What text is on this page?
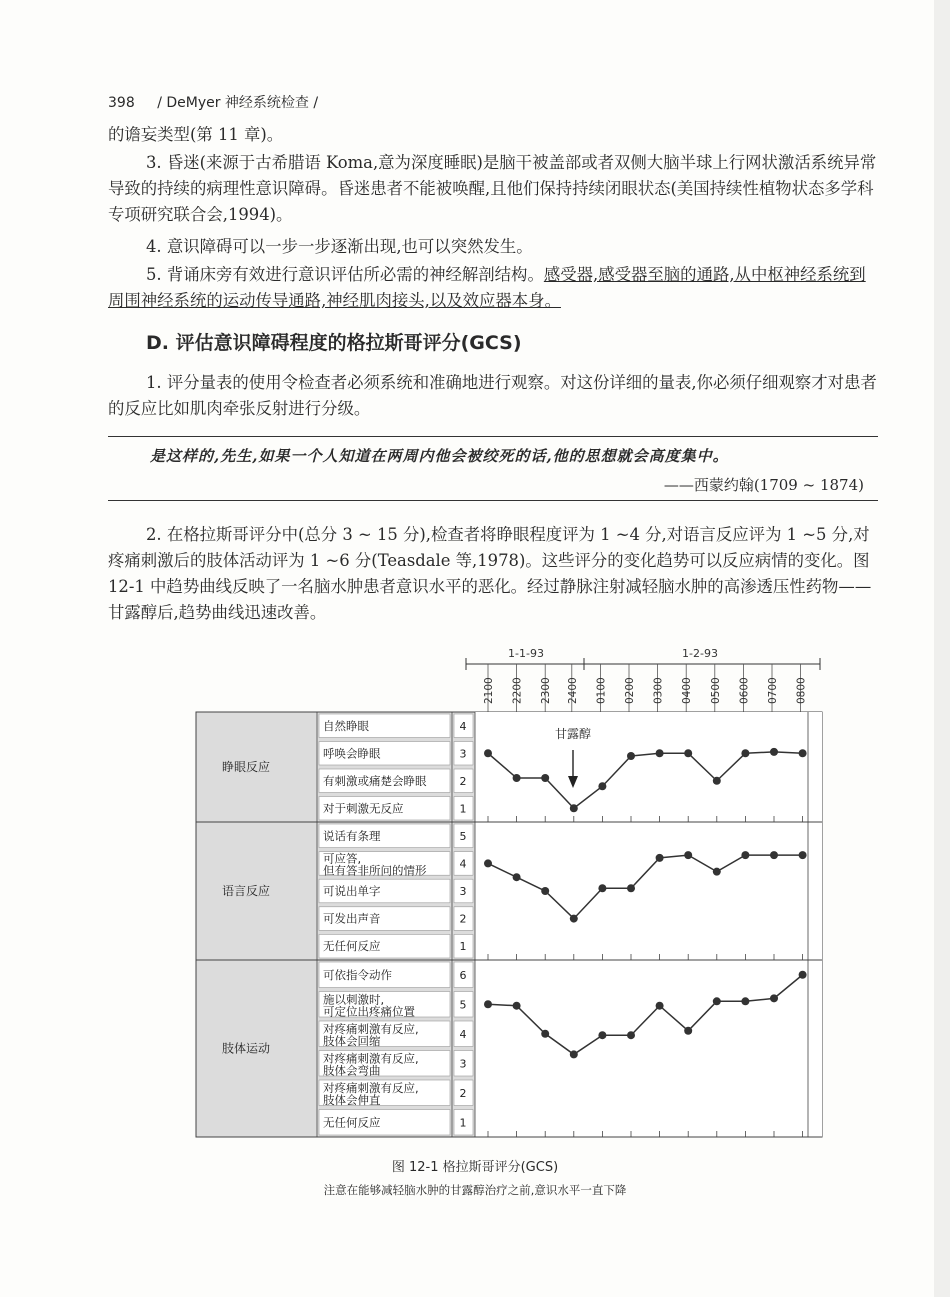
398 / DeMyer 神经系统检查 /

的谵妄类型(第 11 章)。

3. 昏迷(来源于古希腊语 Koma,意为深度睡眠)是脑干被盖部或者双侧大脑半球上行网状激活系统异常导致的持续的病理性意识障碍。昏迷患者不能被唤醒,且他们保持持续闭眼状态(美国持续性植物状态多学科专项研究联合会,1994)。

4. 意识障碍可以一步一步逐渐出现,也可以突然发生。

5. 背诵床旁有效进行意识评估所必需的神经解剖结构。感受器,感受器至脑的通路,从中枢神经系统到周围神经系统的运动传导通路,神经肌肉接头,以及效应器本身。

D. 评估意识障碍程度的格拉斯哥评分(GCS)

1. 评分量表的使用令检查者必须系统和准确地进行观察。对这份详细的量表,你必须仔细观察才对患者的反应比如肌肉牵张反射进行分级。

是这样的,先生,如果一个人知道在两周内他会被绞死的话,他的思想就会高度集中。
——西蒙约翰(1709 ~ 1874)

2. 在格拉斯哥评分中(总分 3 ~ 15 分),检查者将睁眼程度评为 1 ~4 分,对语言反应评为 1 ~5 分,对疼痛刺激后的肢体活动评为 1 ~6 分(Teasdale 等,1978)。这些评分的变化趋势可以反应病情的变化。图 12-1 中趋势曲线反映了一名脑水肿患者意识水平的恶化。经过静脉注射减轻脑水肿的高渗透压性药物——甘露醇后,趋势曲线迅速改善。

1-1-93	1-2-93
2100 2200 2300 2400 0100 0200 0300 0400 0500 0600 0700 0800
睁眼反应
自然睁眼	4
呼唤会睁眼	3
有刺激或痛楚会睁眼	2
对于刺激无反应	1
语言反应
说话有条理	5
可应答,
但有答非所问的情形	4
可说出单字	3
可发出声音	2
无任何反应	1
肢体运动
可依指令动作	6
施以刺激时,
可定位出疼痛位置	5
对疼痛刺激有反应,
肢体会回缩	4
对疼痛刺激有反应,
肢体会弯曲	3
对疼痛刺激有反应,
肢体会伸直	2
无任何反应	1
甘露醇
图 12-1 格拉斯哥评分(GCS)
注意在能够减轻脑水肿的甘露醇治疗之前,意识水平一直下降
